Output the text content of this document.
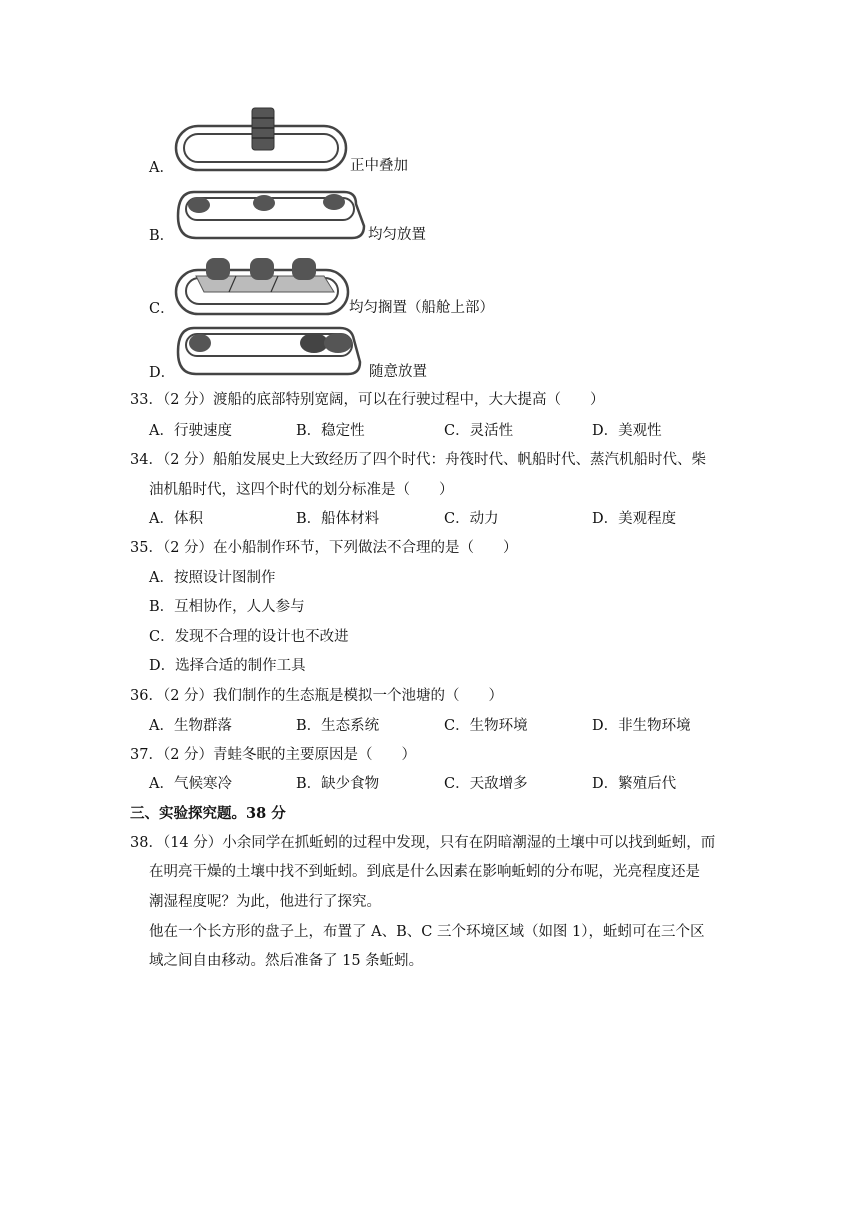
A．	正中叠加
B．	均匀放置
C．	均匀搁置（船舱上部）
D．	随意放置
33．（2 分）渡船的底部特别宽阔，可以在行驶过程中，大大提高（　　）
A．行驶速度	B．稳定性	C．灵活性	D．美观性
34．（2 分）船舶发展史上大致经历了四个时代：舟筏时代、帆船时代、蒸汽机船时代、柴
油机船时代，这四个时代的划分标准是（　　）
A．体积	B．船体材料	C．动力	D．美观程度
35．（2 分）在小船制作环节，下列做法不合理的是（　　）
A．按照设计图制作
B．互相协作，人人参与
C．发现不合理的设计也不改进
D．选择合适的制作工具
36．（2 分）我们制作的生态瓶是模拟一个池塘的（　　）
A．生物群落	B．生态系统	C．生物环境	D．非生物环境
37．（2 分）青蛙冬眠的主要原因是（　　）
A．气候寒冷	B．缺少食物	C．天敌增多	D．繁殖后代
三、实验探究题。38 分
38．（14 分）小余同学在抓蚯蚓的过程中发现，只有在阴暗潮湿的土壤中可以找到蚯蚓，而
在明亮干燥的土壤中找不到蚯蚓。到底是什么因素在影响蚯蚓的分布呢，光亮程度还是
潮湿程度呢？为此，他进行了探究。
他在一个长方形的盘子上，布置了 A、B、C 三个环境区域（如图 1），蚯蚓可在三个区
域之间自由移动。然后准备了 15 条蚯蚓。
